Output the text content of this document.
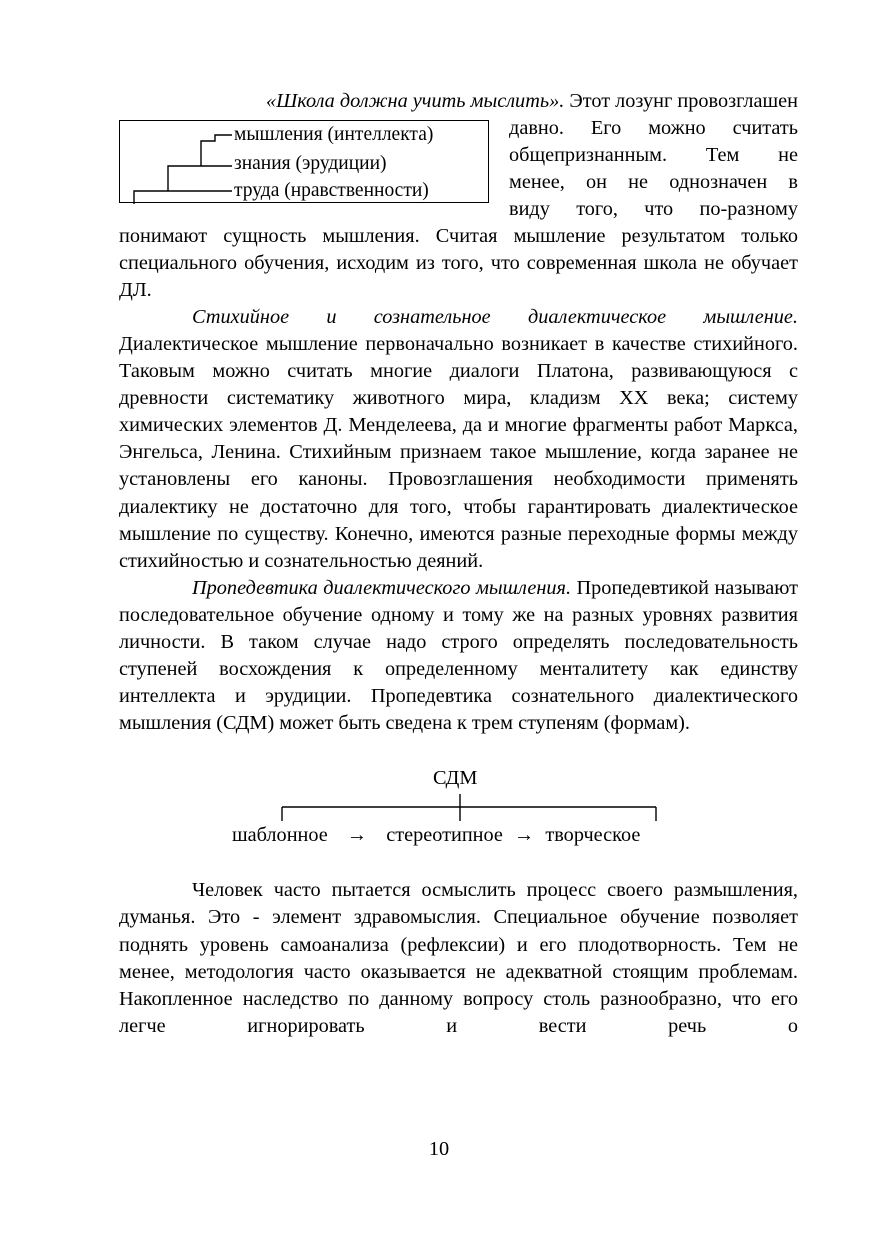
«Школа должна учить мыслить». Этот лозунг провозглашен

мышления (интеллекта)
знания (эрудиции)
труда (нравственности)

давно. Его можно считать

общепризнанным. Тем не

менее, он не однозначен в

виду того, что по-разному

понимают сущность мышления. Считая мышление результатом только специального обучения, исходим из того, что современная школа не обучает ДЛ.

Стихийное и сознательное диалектическое мышление. Диалектическое мышление первоначально возникает в качестве стихийного. Таковым можно считать многие диалоги Платона, развивающуюся с древности систематику животного мира, кладизм XX века; систему химических элементов Д. Менделеева, да и многие фрагменты работ Маркса, Энгельса, Ленина. Стихийным признаем такое мышление, когда заранее не установлены его каноны. Провозглашения необходимости применять диалектику не достаточно для того, чтобы гарантировать диалектическое мышление по существу. Конечно, имеются разные переходные формы между стихийностью и сознательностью деяний.

Пропедевтика диалектического мышления. Пропедевтикой называют последовательное обучение одному и тому же на разных уровнях развития личности. В таком случае надо строго определять последовательность ступеней восхождения к определенному менталитету как единству интеллекта и эрудиции. Пропедевтика сознательного диалектического мышления (СДМ) может быть сведена к трем ступеням (формам).

СДМ
шаблонное → стереотипное → творческое

Человек часто пытается осмыслить процесс своего размышления, думанья. Это - элемент здравомыслия. Специальное обучение позволяет поднять уровень самоанализа (рефлексии) и его плодотворность. Тем не менее, методология часто оказывается не адекватной стоящим проблемам. Накопленное наследство по данному вопросу столь разнообразно, что его легче игнорировать и вести речь о

10
